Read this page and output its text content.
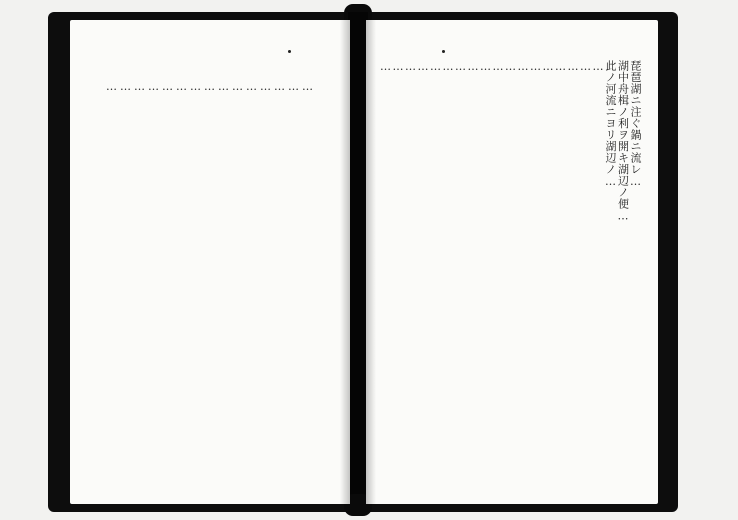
…
…
…
…
…
…
…
…
…
…
…
…
…
…
…	琵琶湖ニ注ぐ鍋ニ流レ…
湖中舟楫ノ利ヲ開キ湖辺ノ便…
此ノ河流ニヨリ湖辺ノ…
…
…
…
…
…
…
…
…
…
…
…
…
…
…
…
…
…
…
